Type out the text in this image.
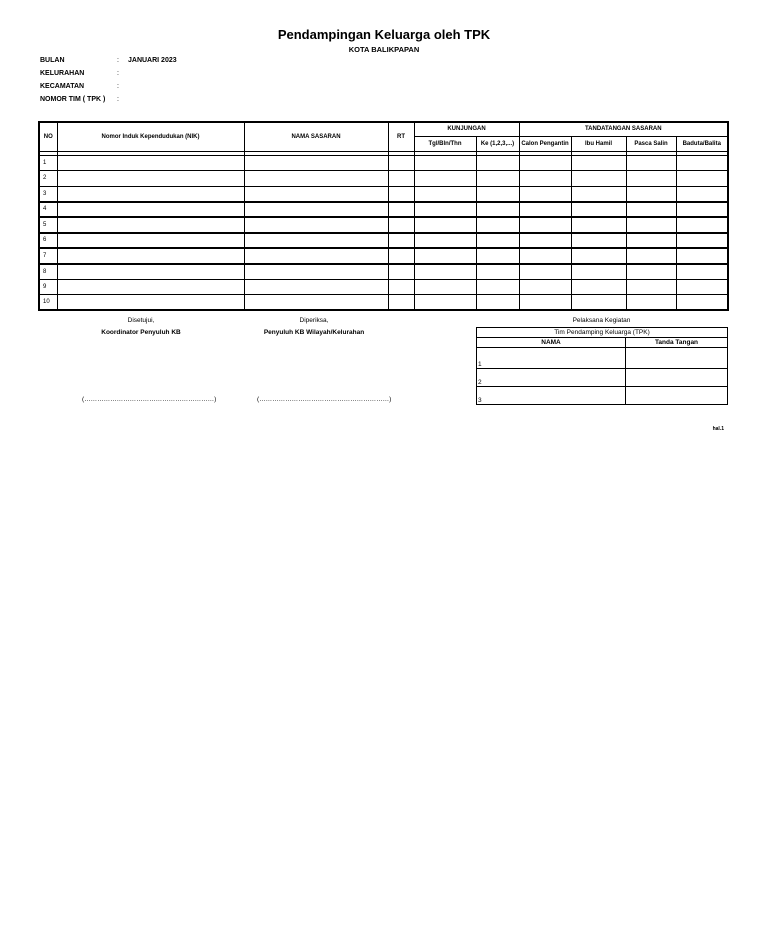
Pendampingan Keluarga oleh TPK
KOTA BALIKPAPAN
BULAN	: JANUARI 2023
KELURAHAN	:
KECAMATAN	:
NOMOR TIM ( TPK ) :
NO	Nomor Induk Kependudukan (NIK)	NAMA SASARAN	RT	KUNJUNGAN		TANDATANGAN SASARAN			
				Tgl/Bln/Thn	Ke (1,2,3,...)	Calon Pengantin	Ibu Hamil	Pasca Salin	Baduta/Balita

1	

2	

3	

4	

5	

6	

7	

8	

9	

10	

Disetujui,
Koordinator Penyuluh KB
(……………………………………………………)
Diperiksa,
Penyuluh KB Wilayah/Kelurahan
(……………………………………………………)
Pelaksana Kegiatan
Tim Pendamping Keluarga (TPK)	
NAMA	Tanda Tangan
1	
2	
3	
hal.1
